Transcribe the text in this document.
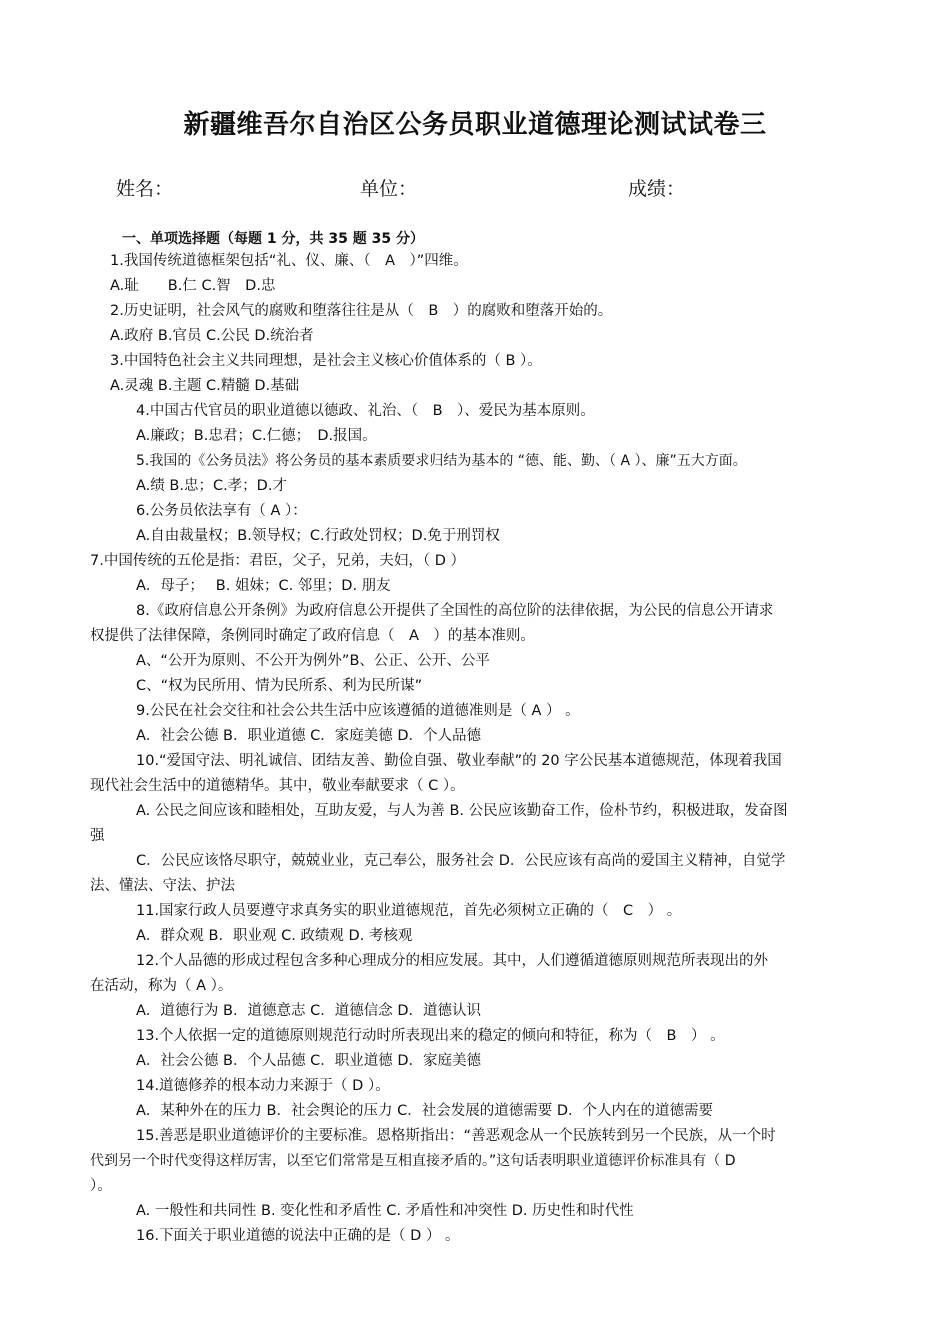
新疆维吾尔自治区公务员职业道德理论测试试卷三
姓名：	单位：	成绩：
一、单项选择题（每题 1 分，共 35 题 35 分）
1.我国传统道德框架包括“礼、仪、廉、（　A　）”四维。
A.耻　　B.仁 C.智　D.忠
2.历史证明，社会风气的腐败和堕落往往是从（　B　）的腐败和堕落开始的。
A.政府 B.官员 C.公民 D.统治者
3.中国特色社会主义共同理想，是社会主义核心价值体系的（ B ）。
A.灵魂 B.主题 C.精髓 D.基础
4.中国古代官员的职业道德以德政、礼治、（　B　）、爱民为基本原则。
A.廉政；B.忠君；C.仁德；　D.报国。
5.我国的《公务员法》将公务员的基本素质要求归结为基本的 “德、能、勤、（ A ）、廉”五大方面。
A.绩 B.忠；C.孝；D.才
6.公务员依法享有（ A ）：
A.自由裁量权；B.领导权；C.行政处罚权；D.免于刑罚权
7.中国传统的五伦是指：君臣，父子，兄弟，夫妇，（ D ）
A．母子；　 B. 姐妹；C. 邻里；D. 朋友
8.《政府信息公开条例》为政府信息公开提供了全国性的高位阶的法律依据，为公民的信息公开请求
权提供了法律保障，条例同时确定了政府信息（　A　）的基本准则。
A、“公开为原则、不公开为例外”B、公正、公开、公平
C、“权为民所用、情为民所系、利为民所谋”
9.公民在社会交往和社会公共生活中应该遵循的道德准则是（ A ） 。
A．社会公德 B．职业道德 C．家庭美德 D．个人品德
10.“爱国守法、明礼诚信、团结友善、勤俭自强、敬业奉献”的 20 字公民基本道德规范，体现着我国
现代社会生活中的道德精华。其中，敬业奉献要求（ C ）。
A. 公民之间应该和睦相处，互助友爱，与人为善 B. 公民应该勤奋工作，俭朴节约，积极进取，发奋图
强
C．公民应该恪尽职守，兢兢业业，克己奉公，服务社会 D．公民应该有高尚的爱国主义精神，自觉学
法、懂法、守法、护法
11.国家行政人员要遵守求真务实的职业道德规范，首先必须树立正确的（　C　） 。
A．群众观 B．职业观 C. 政绩观 D. 考核观
12.个人品德的形成过程包含多种心理成分的相应发展。其中，人们遵循道德原则规范所表现出的外
在活动，称为（ A ）。
A．道德行为 B．道德意志 C．道德信念 D．道德认识
13.个人依据一定的道德原则规范行动时所表现出来的稳定的倾向和特征，称为（　B　） 。
A．社会公德 B．个人品德 C．职业道德 D．家庭美德
14.道德修养的根本动力来源于（ D ）。
A．某种外在的压力 B．社会舆论的压力 C．社会发展的道德需要 D．个人内在的道德需要
15.善恶是职业道德评价的主要标准。恩格斯指出：“善恶观念从一个民族转到另一个民族，从一个时
代到另一个时代变得这样厉害，以至它们常常是互相直接矛盾的。”这句话表明职业道德评价标准具有（ D
）。
A. 一般性和共同性 B. 变化性和矛盾性 C. 矛盾性和冲突性 D. 历史性和时代性
16.下面关于职业道德的说法中正确的是（ D ） 。
